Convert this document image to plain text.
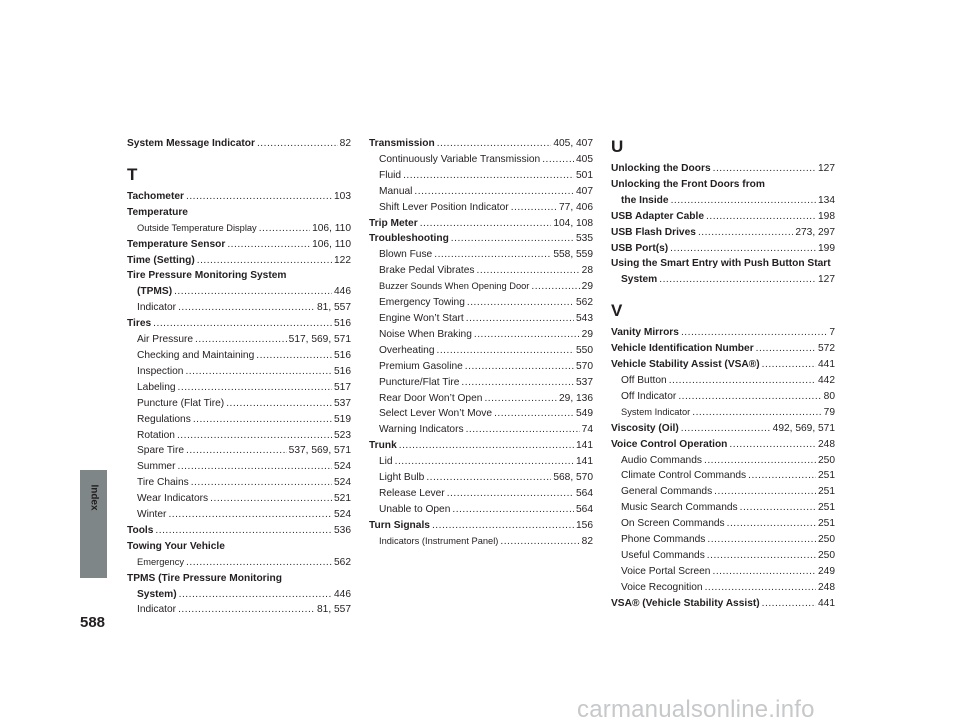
Index
System Message Indicator .....	82
T
Tachometer .....	103
Temperature
Outside Temperature Display .....	106, 110
Temperature Sensor .....	106, 110
Time (Setting) .....	122
Tire Pressure Monitoring System
(TPMS) .....	446
Indicator .....	81, 557
Tires .....	516
Air Pressure .....	517, 569, 571
Checking and Maintaining .....	516
Inspection .....	516
Labeling .....	517
Puncture (Flat Tire) .....	537
Regulations .....	519
Rotation .....	523
Spare Tire .....	537, 569, 571
Summer .....	524
Tire Chains .....	524
Wear Indicators .....	521
Winter .....	524
Tools .....	536
Towing Your Vehicle
Emergency .....	562
TPMS (Tire Pressure Monitoring
System) .....	446
Indicator .....	81, 557
Transmission .....	405, 407
Continuously Variable Transmission .....	405
Fluid .....	501
Manual .....	407
Shift Lever Position Indicator .....	77, 406
Trip Meter .....	104, 108
Troubleshooting .....	535
Blown Fuse .....	558, 559
Brake Pedal Vibrates .....	28
Buzzer Sounds When Opening Door .....	29
Emergency Towing .....	562
Engine Won’t Start .....	543
Noise When Braking .....	29
Overheating .....	550
Premium Gasoline .....	570
Puncture/Flat Tire .....	537
Rear Door Won’t Open .....	29, 136
Select Lever Won’t Move .....	549
Warning Indicators .....	74
Trunk .....	141
Lid .....	141
Light Bulb .....	568, 570
Release Lever .....	564
Unable to Open .....	564
Turn Signals .....	156
Indicators (Instrument Panel) .....	82
U
Unlocking the Doors .....	127
Unlocking the Front Doors from
the Inside .....	134
USB Adapter Cable .....	198
USB Flash Drives .....	273, 297
USB Port(s) .....	199
Using the Smart Entry with Push Button Start
System .....	127
V
Vanity Mirrors .....	7
Vehicle Identification Number .....	572
Vehicle Stability Assist (VSA®) .....	441
Off Button .....	442
Off Indicator .....	80
System Indicator .....	79
Viscosity (Oil) .....	492, 569, 571
Voice Control Operation .....	248
Audio Commands .....	250
Climate Control Commands .....	251
General Commands .....	251
Music Search Commands .....	251
On Screen Commands .....	251
Phone Commands .....	250
Useful Commands .....	250
Voice Portal Screen .....	249
Voice Recognition .....	248
VSA® (Vehicle Stability Assist) .....	441
588
carmanualsonline.info
